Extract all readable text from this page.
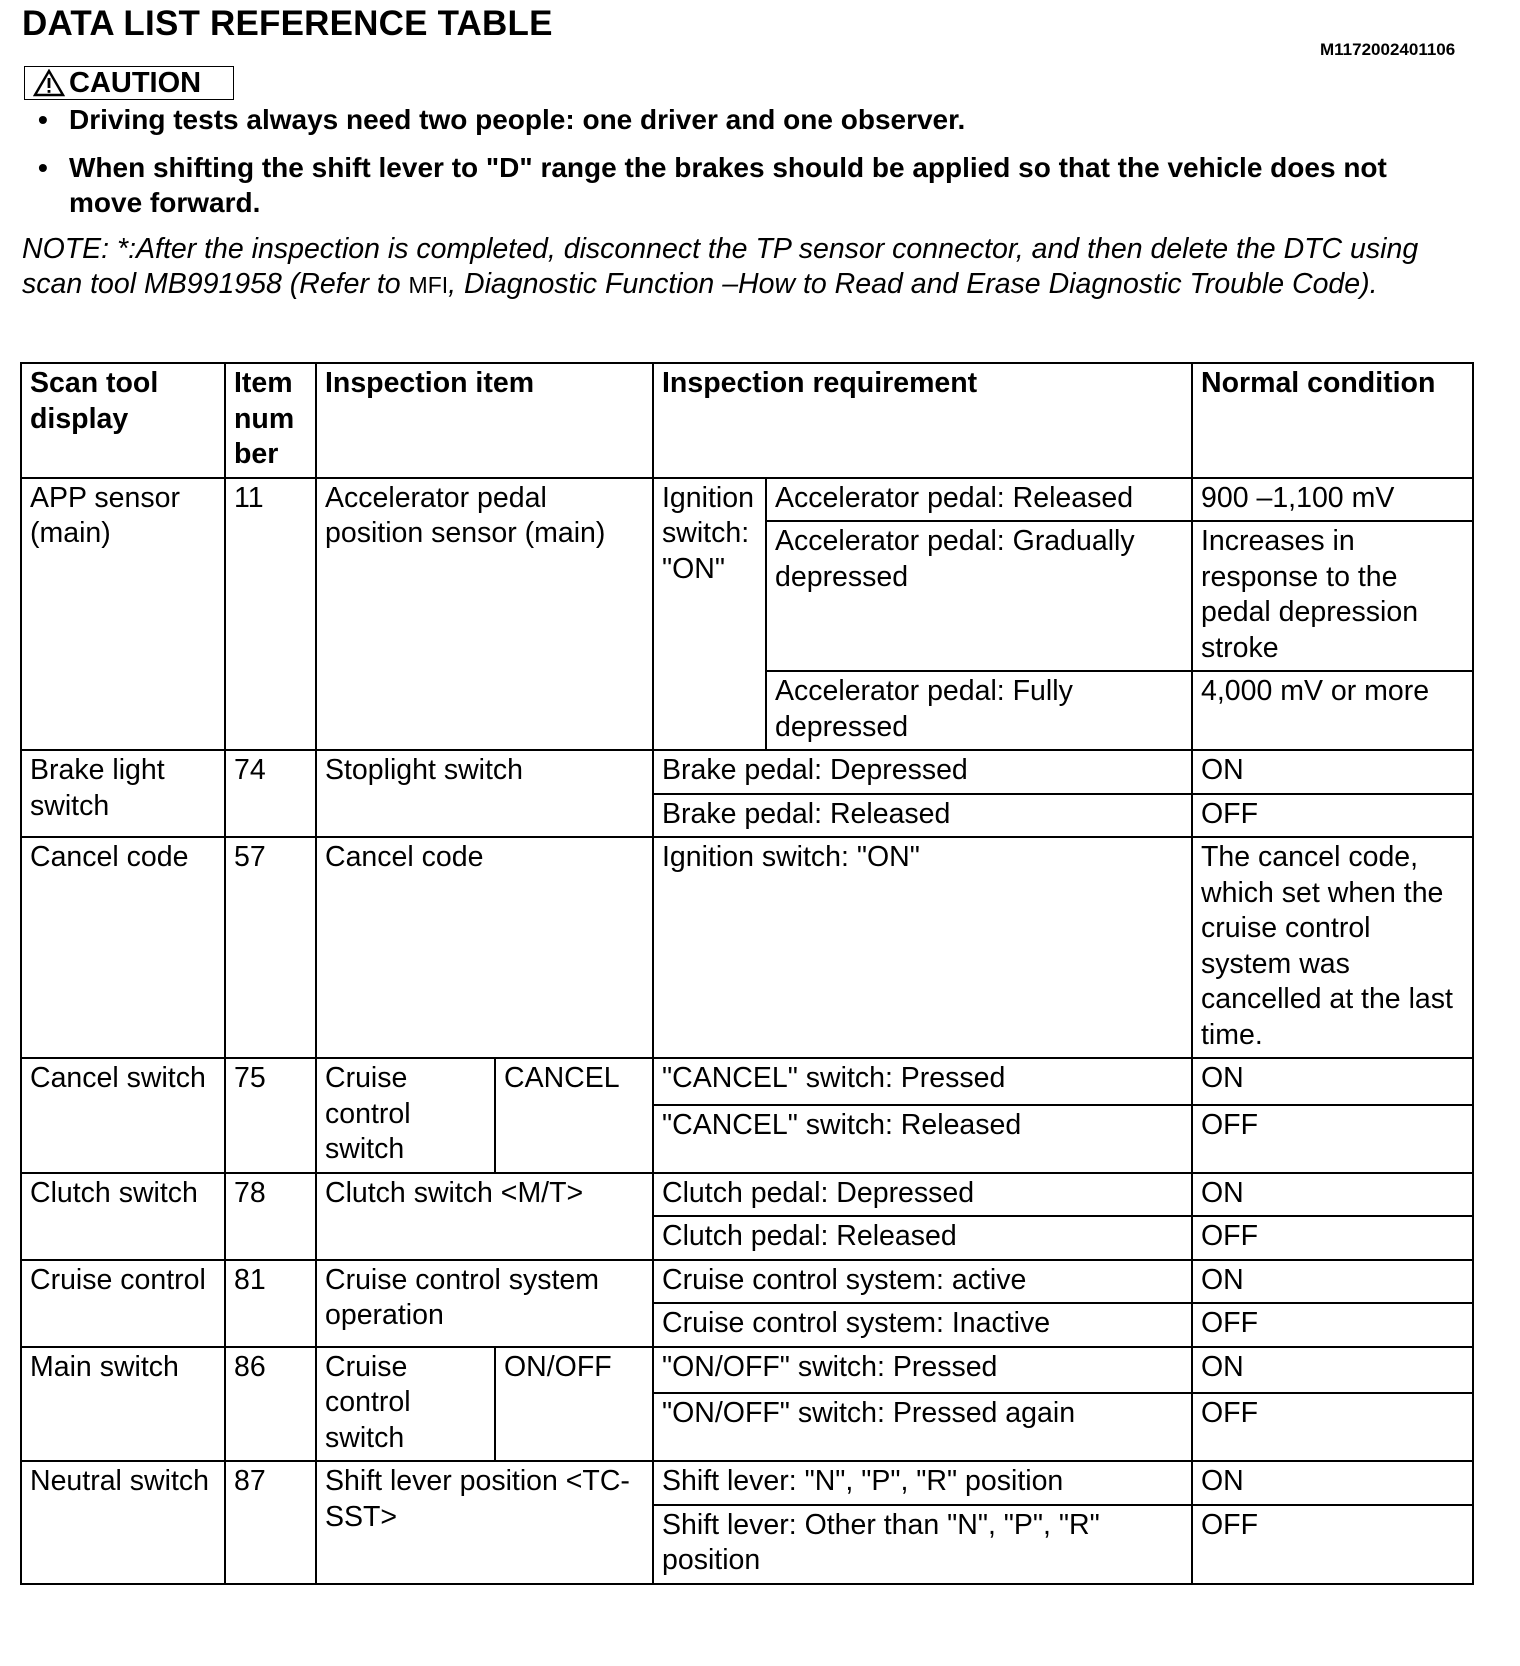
DATA LIST REFERENCE TABLE
M1172002401106
CAUTION
• Driving tests always need two people: one driver and one observer.
• When shifting the shift lever to "D" range the brakes should be applied so that the vehicle does not move forward.

NOTE: *:After the inspection is completed, disconnect the TP sensor connector, and then delete the DTC using scan tool MB991958 (Refer to MFI, Diagnostic Function –How to Read and Erase Diagnostic Trouble Code).

Scan tool display	Item num ber	Inspection item		Inspection requirement		Normal condition
APP sensor (main)	11	Accelerator pedal position sensor (main)		Ignition switch: "ON"	Accelerator pedal: Released	900 –1,100 mV
					Accelerator pedal: Gradually depressed	Increases in response to the pedal depression stroke
					Accelerator pedal: Fully depressed	4,000 mV or more
Brake light switch	74	Stoplight switch		Brake pedal: Depressed		ON
				Brake pedal: Released		OFF
Cancel code	57	Cancel code		Ignition switch: "ON"		The cancel code, which set when the cruise control system was cancelled at the last time.
Cancel switch	75	Cruise control switch	CANCEL	"CANCEL" switch: Pressed		ON
				"CANCEL" switch: Released		OFF
Clutch switch	78	Clutch switch <M/T>		Clutch pedal: Depressed		ON
				Clutch pedal: Released		OFF
Cruise control	81	Cruise control system operation		Cruise control system: active		ON
				Cruise control system: Inactive		OFF
Main switch	86	Cruise control switch	ON/OFF	"ON/OFF" switch: Pressed		ON
				"ON/OFF" switch: Pressed again		OFF
Neutral switch	87	Shift lever position <TC-SST>		Shift lever: "N", "P", "R" position		ON
				Shift lever: Other than "N", "P", "R" position		OFF
